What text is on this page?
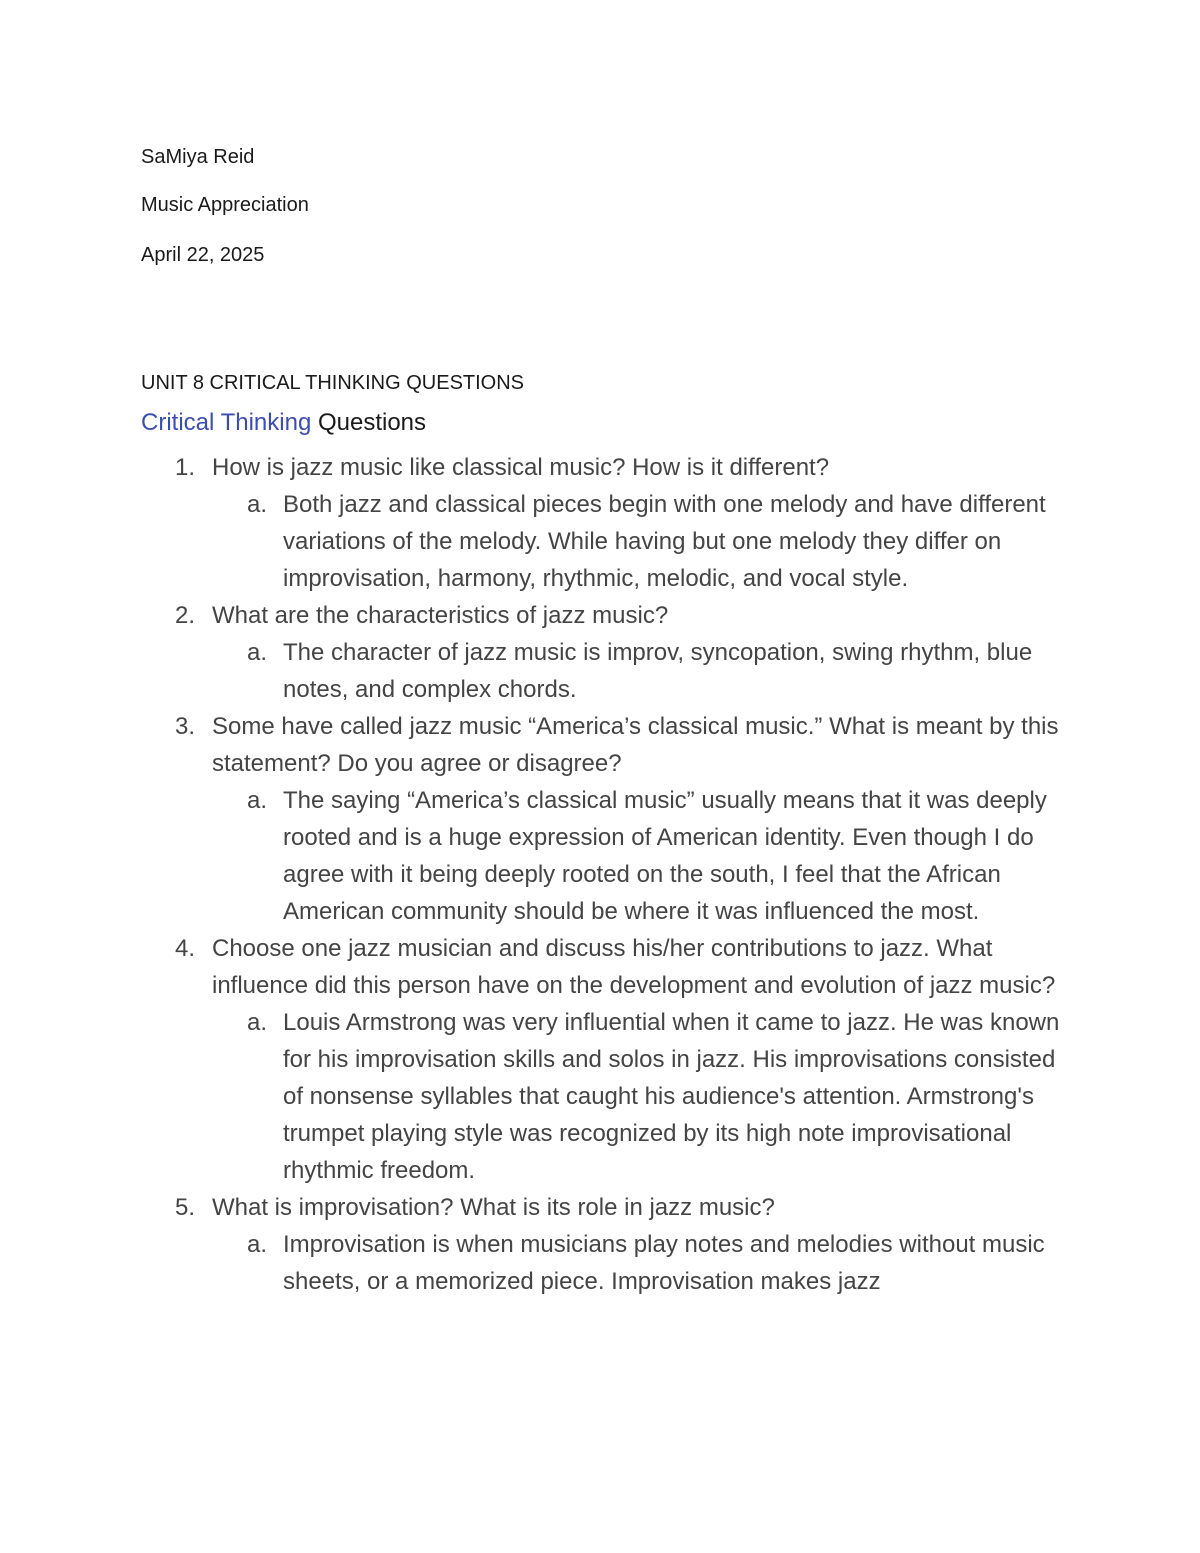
SaMiya Reid
Music Appreciation
April 22, 2025
UNIT 8 CRITICAL THINKING QUESTIONS
Critical Thinking Questions
1. How is jazz music like classical music? How is it different?
a. Both jazz and classical pieces begin with one melody and have different variations of the melody. While having but one melody they differ on improvisation, harmony, rhythmic, melodic, and vocal style.
2. What are the characteristics of jazz music?
a. The character of jazz music is improv, syncopation, swing rhythm, blue notes, and complex chords.
3. Some have called jazz music “America’s classical music.” What is meant by this statement? Do you agree or disagree?
a. The saying “America’s classical music” usually means that it was deeply rooted and is a huge expression of American identity. Even though I do agree with it being deeply rooted on the south, I feel that the African American community should be where it was influenced the most.
4. Choose one jazz musician and discuss his/her contributions to jazz. What influence did this person have on the development and evolution of jazz music?
a. Louis Armstrong was very influential when it came to jazz. He was known for his improvisation skills and solos in jazz. His improvisations consisted of nonsense syllables that caught his audience's attention. Armstrong's trumpet playing style was recognized by its high note improvisational rhythmic freedom.
5. What is improvisation? What is its role in jazz music?
a. Improvisation is when musicians play notes and melodies without music sheets, or a memorized piece. Improvisation makes jazz
